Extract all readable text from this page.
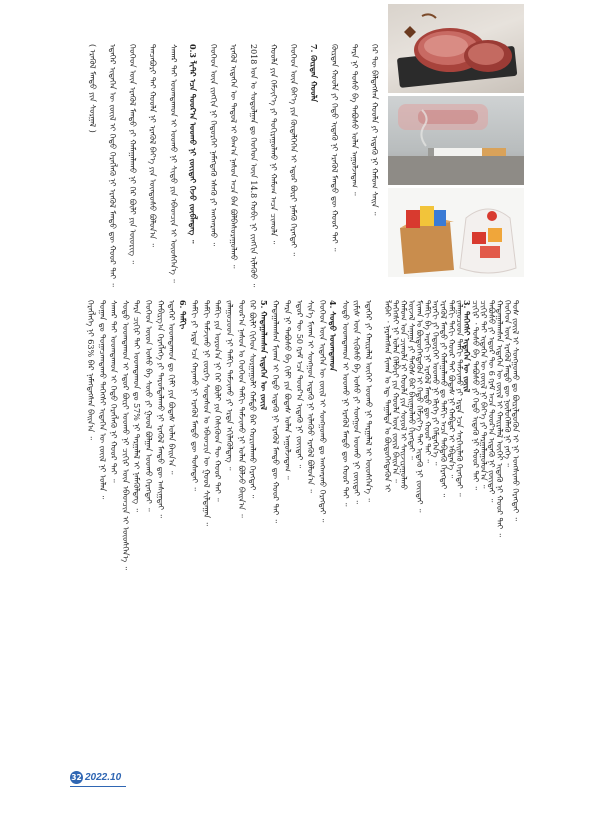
ᠯᠠᠪᠠᠢ ᠂ ᠨᠡᠷᠡᠯᠡᠭᠰᠡᠨ ᠮᠢᠬᠠᠨ ᠤ ᠡᠳ᠋ ᠳᠠᠭᠠᠯᠳᠠ ᠤ ᠪᠦᠲᠦᠭᠡᠭᠳᠡᠬᠦᠨ ᠢ ᠳᠡᠭᠡᠭᠰᠢ ᠨᠢ ᠣᠯᠠᠨ ᠬᠡᠯᠪᠡᠷᠢ ᠶᠢᠨ ᠬᠣᠣᠯᠠ ᠦᠨ ᠵᠦᠢᠯ ᠪᠠᠢᠨ᠎ᠠ ᠃ ᠬᠠᠮᠤᠭ ᠤᠨ ᠴᠢᠬᠤᠯᠠ ᠨᠢ ᠬᠣᠣᠯᠠ ᠶᠢᠨ ᠰᠣᠶᠣᠯ ᠢ ᠰᠠᠢᠵᠢᠷᠠᠭᠤᠯᠬᠤ ᠦᠵᠡᠯ ᠰᠠᠨᠠᠭᠠ ᠶᠢ ᠲᠡᠭᠦᠰ ᠪᠡᠷ ᠪᠠᠢᠭᠤᠯᠬᠤ ᠬᠡᠷᠡᠭᠲᠡᠢ ᠃ ᠮᠢᠬᠠᠨ ᠤ ᠪᠦᠲᠦᠭᠡᠭᠳᠡᠬᠦᠨ ᠢ ᠬᠡᠳᠦ ᠬᠡᠮᠵᠢᠶ᠎ᠡ ᠲᠠᠢ ᠢᠳᠡᠬᠦ ᠨᠢ ᠵᠦᠢᠲᠡᠢ ᠃ ᠳᠠᠮᠬᠢ ᠪᠠ ᠠᠷᠠᠬᠢ ᠨᠢ ᠡᠷᠡᠭᠦᠯ ᠮᠡᠨᠳᠦ ᠳᠦ ᠬᠣᠣᠷ ᠲᠠᠢ ᠃ ᠠᠷᠠᠬᠢ ᠶᠢ ᠬᠡᠲᠦᠷᠬᠡᠢ ᠤᠤᠬᠤ ᠨᠢ ᠡᠯᠢᠭᠡ ᠶᠢ ᠭᠡᠮᠲᠡᠭᠡᠨ᠎ᠡ ᠃ ᠡᠷᠡᠭᠦᠯ ᠮᠡᠨᠳᠦ ᠶᠢ ᠬᠠᠮᠠᠭᠠᠯᠠᠬᠤ ᠳᠤ ᠳᠠᠮᠬᠢ ᠠᠴᠠ ᠳᠡᠪᠳᠡᠬᠦ ᠬᠡᠷᠡᠭᠲᠡᠢ ᠃ ᠳᠠᠮᠬᠢ ᠳᠠᠬᠢ ᠬᠣᠣᠷ ᠲᠠᠢ ᠪᠣᠳᠠᠰ ᠨᠢ ᠬᠠᠪᠳᠠᠷ ᠢ ᠡᠪᠳᠡᠨ᠎ᠡ ᠃ ᠵᠠᠯᠠᠭᠤᠴᠤᠳ ᠲᠠᠮᠬᠢ ᠳᠠᠮᠵᠢᠬᠤ ᠶᠢ ᠡᠷᠲᠡ ᠡᠴᠡ ᠰᠡᠷᠭᠡᠢᠯᠡᠬᠦ ᠬᠡᠷᠡᠭᠲᠡᠢ ᠃
3. ᠳᠡᠭᠡᠭᠰᠢ ᠢᠳᠡᠭᠡᠨ ᠦ ᠵᠦᠢᠯ ᠴᠢᠬᠢᠷ ᠂ ᠳᠤᠰᠤ ᠪᠠ ᠳᠠᠪᠤᠰᠤ ᠶᠢ ᠬᠡᠳᠦ ᠢᠳᠡᠬᠦ ᠨᠢ ᠬᠣᠣᠷ ᠲᠠᠢ ᠃ ᠴᠢᠬᠢᠷ ᠲᠠᠢ ᠢᠳᠡᠭᠡᠨ ᠦ ᠵᠦᠢᠯ ᠨᠢ ᠪᠡᠶ᠎ᠡ ᠶᠢ ᠲᠠᠷᠭᠠᠯᠠᠭᠤᠯᠤᠨ᠎ᠠ ᠃ ᠳᠠᠪᠤᠰᠤ ᠶᠢ ᠡᠳᠦᠷ ᠲᠦ 6 ᠭᠷᠠᠮ ᠠᠴᠠ ᠳᠣᠣᠷ᠎ᠠ ᠢᠳᠡᠬᠦ ᠨᠢ ᠵᠦᠢᠲᠡᠢ ᠃ ᠬᠠᠳᠠᠭᠠᠯᠠᠭᠰᠠᠨ ᠢᠳᠡᠭᠡᠨ ᠦ ᠵᠦᠢᠯ ᠢ ᠬᠠᠢᠷᠠᠯᠠᠯ ᠦᠭᠡᠢ ᠢᠳᠡᠬᠦ ᠨᠢ ᠬᠣᠣᠷ ᠲᠠᠢ ᠃ ᠬᠡᠦᠬᠡᠳ ᠦᠨ ᠡᠷᠡᠭᠦᠯ ᠮᠡᠨᠳᠦ ᠳᠦ ᠨᠥᠯᠦᠭᠡᠯᠡᠬᠦ ᠨᠢ ᠶᠡᠬᠡ ᠃ ᠲᠤᠰ ᠵᠦᠢᠯ ᠢ ᠰᠣᠩᠭᠣᠬᠤ ᠳᠤ ᠪᠦᠷᠢᠯᠳᠦᠬᠦᠨ ᠢ ᠨᠢ ᠤᠩᠰᠢᠬᠤ ᠬᠡᠷᠡᠭᠲᠡᠢ ᠃
ᠬᠡᠷᠡᠭᠯᠡᠭᠡ ᠨᠢ 63% ᠪᠡᠷ ᠨᠡᠮᠡᠭᠳᠡᠭᠰᠡᠨ ᠪᠠᠢᠨ᠎ᠠ ᠃ ᠲᠣᠭᠠᠨ ᠳᠤ ᠲᠣᠭᠠᠴᠠᠭᠳᠠᠬᠤ ᠳᠡᠭᠡᠭᠰᠢ ᠢᠳᠡᠭᠡᠨ ᠦ ᠵᠦᠢᠯ ᠨᠢ ᠣᠯᠠᠨ ᠃ ᠰᠠᠬᠠᠷ ᠲᠠᠢ ᠤᠤᠭᠳᠠᠬᠤᠨ ᠢ ᠬᠡᠳᠦ ᠬᠡᠷᠡᠭᠯᠡᠬᠦ ᠨᠢ ᠬᠣᠣᠷ ᠲᠠᠢ ᠃ ᠰᠣᠳᠤ ᠤᠤᠭᠳᠠᠬᠤᠨ ᠢ ᠡᠳᠦᠷ ᠪᠦᠷᠢ ᠤᠤᠬᠤ ᠨᠢ ᠴᠢᠬᠢᠷ ᠦᠨ ᠡᠪᠡᠳᠴᠢᠨ ᠢ ᠦᠦᠰᠭᠡᠨ᠎ᠡ ᠃ ᠲᠡᠷᠡ ᠴᠢᠬᠢᠷ ᠲᠠᠢ ᠤᠤᠭᠳᠠᠬᠤᠨ ᠳᠤ 57% ᠨᠢ ᠲᠠᠷᠭᠠᠯᠠᠯ ᠢ ᠨᠡᠮᠡᠭᠦᠯᠳᠡᠭ ᠃ ᠬᠡᠦᠬᠡᠳ ᠦᠳ ᠤᠰᠤ ᠪᠠ ᠰᠦᠦ ᠶᠢ ᠭᠣᠣᠯ ᠪᠣᠯᠭᠠᠨ ᠤᠤᠬᠤ ᠬᠡᠷᠡᠭᠲᠡᠢ ᠃ ᠬᠠᠪᠢᠷᠭ᠎ᠠ ᠬᠡᠷᠡᠭᠯᠡᠭᠡ ᠶᠢ ᠳᠠᠷᠤᠮᠳᠠᠯᠠᠬᠤ ᠨᠢ ᠡᠷᠡᠭᠦᠯ ᠮᠡᠨᠳᠦ ᠳᠦ ᠠᠰᠢᠭ᠋ᠲᠠᠢ ᠃ ᠡᠳᠡᠭᠡᠷ ᠤᠤᠭᠳᠠᠬᠤᠨ ᠳᠤ ᠬᠢᠮᠢ ᠶᠢᠨ ᠪᠣᠳᠠᠰ ᠣᠯᠠᠨ ᠪᠠᠢᠨ᠎ᠠ ᠃ 6. ᠳᠠᠮᠬᠢ ᠳᠠᠮᠬᠢ ᠶᠢ ᠡᠷᠲᠡ ᠡᠴᠡ ᠬᠠᠶᠠᠬᠤ ᠨᠢ ᠡᠷᠡᠭᠦᠯ ᠮᠡᠨᠳᠦ ᠳᠦ ᠲᠤᠰᠠᠲᠠᠢ ᠃ ᠳᠠᠮᠬᠢ ᠳᠠᠮᠵᠢᠬᠤ ᠨᠢ ᠵᠦᠷᠬᠡ ᠰᠤᠳᠠᠰᠤᠨ ᠤ ᠡᠪᠡᠳᠴᠢᠨ ᠦ ᠭᠣᠣᠯ ᠰᠢᠯᠳᠠᠭᠠᠨ ᠃ ᠳᠠᠮᠬᠢ ᠶᠢᠨ ᠤᠷᠤᠨ᠎ᠠ ᠨᠢ ᠭᠡᠷ ᠪᠦᠯᠢ ᠶᠢᠨ ᠭᠡᠰᠢᠭᠦᠳ ᠲᠦ ᠬᠣᠣᠷ ᠲᠠᠢ ᠃ ᠵᠠᠯᠠᠭᠤᠴᠤᠳ ᠨᠢ ᠳᠠᠮᠬᠢ ᠳᠠᠮᠵᠢᠬᠤ ᠶᠢ ᠡᠷᠲᠡ ᠡᠬᠢᠯᠡᠭᠦᠯᠳᠡᠭ ᠃ ᠳᠣᠣᠷ᠎ᠠ ᠨᠠᠰᠤᠨ ᠤ ᠬᠡᠦᠬᠡᠳ ᠳᠠᠮᠬᠢ ᠳᠠᠮᠵᠢᠬᠤ ᠨᠢ ᠣᠯᠠᠨ ᠪᠣᠯᠵᠤ ᠪᠠᠢᠨ᠎ᠠ ᠃ ᠭᠡᠷ ᠪᠦᠯᠢ ᠬᠢᠬᠡᠳ ᠰᠤᠷᠭᠠᠭᠤᠯᠢ ᠬᠠᠮᠲᠤ ᠪᠡᠷ ᠬᠣᠷᠢᠭᠯᠠᠬᠤ ᠬᠡᠷᠡᠭᠲᠡᠢ ᠃ 5. ᠬᠠᠳᠠᠭᠠᠯᠠᠭᠰᠠᠨ ᠢᠳᠡᠭᠡᠨ ᠦ ᠵᠦᠢᠯ ᠬᠠᠳᠠᠭᠠᠯᠠᠭᠰᠠᠨ ᠮᠢᠬᠠᠨ ᠢ ᠬᠡᠳᠦ ᠢᠳᠡᠬᠦ ᠨᠢ ᠡᠷᠡᠭᠦᠯ ᠮᠡᠨᠳᠦ ᠳᠦ ᠬᠣᠣᠷ ᠲᠠᠢ ᠃ ᠲᠡᠷᠡ ᠨᠢ ᠳᠠᠪᠤᠰᠤ ᠪᠠ ᠬᠢᠮᠢ ᠶᠢᠨ ᠪᠣᠳᠠᠰ ᠣᠯᠠᠨ ᠠᠭᠤᠯᠵᠠᠳᠠᠭ ᠃ ᠡᠳᠦᠷ ᠲᠦ 50 ᠭᠷᠠᠮ ᠡᠴᠡ ᠳᠣᠣᠷ᠎ᠠ ᠢᠳᠡᠬᠦ ᠨᠢ ᠵᠦᠢᠲᠡᠢ ᠃ ᠰᠢᠨ᠎ᠡ ᠮᠢᠬᠠᠨ ᠢ ᠰᠣᠩᠭᠣᠨ ᠢᠳᠡᠬᠦ ᠨᠢ ᠢᠯᠡᠭᠦᠦ ᠡᠷᠡᠭᠦᠯ ᠪᠣᠯᠤᠨ᠎ᠠ ᠃ ᠬᠡᠦᠬᠡᠳ ᠦᠨ ᠢᠳᠡᠭᠡᠨ ᠦ ᠵᠦᠢᠯ ᠢ ᠰᠣᠩᠭᠣᠬᠤ ᠳᠤ ᠠᠩᠬᠠᠷᠬᠤ ᠬᠡᠷᠡᠭᠲᠡᠢ ᠃ 4. ᠰᠣᠳᠤ ᠤᠤᠭᠳᠠᠬᠤᠨ ᠰᠣᠳᠤ ᠤᠤᠭᠳᠠᠬᠤᠨ ᠢ ᠤᠤᠬᠤ ᠨᠢ ᠡᠷᠡᠭᠦᠯ ᠮᠡᠨᠳᠦ ᠳᠦ ᠬᠣᠣᠷ ᠲᠠᠢ ᠃ ᠵᠢᠮᠢᠰ ᠦᠨ ᠰᠢᠭᠦᠰᠦ ᠪᠠ ᠤᠰᠤ ᠶᠢ ᠰᠣᠩᠭᠣᠨ ᠤᠤᠬᠤ ᠨᠢ ᠵᠦᠢᠲᠡᠢ ᠃ ᠡᠳᠡᠭᠡᠷ ᠶᠢ ᠬᠠᠢᠷᠠᠯᠠᠯ ᠦᠭᠡᠢ ᠤᠤᠬᠤ ᠨᠢ ᠲᠠᠷᠭᠠᠯᠠᠯ ᠢ ᠦᠦᠰᠭᠡᠨ᠎ᠡ ᠃
( ᠡᠷᠡᠭᠦᠯ ᠮᠡᠨᠳᠦ ᠶᠢᠨ ᠰᠤᠷᠭᠠᠯ ) ᠡᠳᠡᠭᠡᠷ ᠢᠳᠡᠭᠡᠨ ᠦ ᠵᠦᠢᠯ ᠢ ᠬᠡᠳᠦ ᠬᠡᠷᠡᠭᠯᠡᠬᠦ ᠨᠢ ᠡᠷᠡᠭᠦᠯ ᠮᠡᠨᠳᠦ ᠳᠦ ᠬᠣᠣᠷ ᠲᠠᠢ ᠃ ᠬᠡᠦᠬᠡᠳ ᠦᠨ ᠡᠷᠡᠭᠦᠯ ᠮᠡᠨᠳᠦ ᠶᠢ ᠬᠠᠮᠠᠭᠠᠯᠠᠬᠤ ᠨᠢ ᠭᠡᠷ ᠪᠦᠯᠢ ᠶᠢᠨ ᠦᠦᠷᠢᠭ ᠃ ᠲᠡᠨᠴᠡᠪᠦᠷᠢ ᠲᠠᠢ ᠬᠣᠣᠯᠠ ᠨᠢ ᠡᠷᠡᠭᠦᠯ ᠪᠡᠶ᠎ᠡ ᠶᠢᠨ ᠦᠨᠳᠦᠰᠦ ᠪᠣᠯᠤᠨ᠎ᠠ ᠃ ᠰᠠᠬᠠᠷ ᠲᠠᠢ ᠤᠤᠭᠳᠠᠬᠤᠨ ᠢ ᠤᠤᠬᠤ ᠨᠢ ᠰᠢᠳᠦ ᠶᠢᠨ ᠡᠪᠡᠳᠴᠢᠨ ᠢ ᠦᠦᠰᠭᠡᠨ᠎ᠡ ᠃ 0.3 ᠯᠢᠲᠷ ᠡᠴᠡ ᠳᠣᠣᠷ᠎ᠠ ᠤᠤᠬᠤ ᠨᠢ ᠵᠦᠢᠲᠡᠢ ᠭᠡᠵᠦ ᠵᠥᠪᠯᠡᠳᠡᠭ ᠃ ᠬᠡᠦᠬᠡᠳ ᠦᠨ ᠵᠢᠩᠭᠢᠨ ᠨᠢ ᠬᠡᠲᠦᠷᠬᠡᠢ ᠨᠡᠮᠡᠭᠳᠡᠬᠦ ᠡᠰᠡᠬᠦ ᠶᠢ ᠠᠩᠬᠠᠷᠬᠤ ᠃ ᠡᠷᠡᠭᠦᠯ ᠢᠳᠡᠭᠡᠨ ᠦ ᠳᠠᠳᠤᠯ ᠢ ᠪᠠᠭ᠎ᠠ ᠨᠠᠰᠤᠨ ᠠᠴᠠ ᠪᠡᠨ ᠪᠣᠯᠪᠠᠰᠤᠷᠠᠭᠤᠯᠬᠤ ᠃ 2018 ᠣᠨ ᠤ ᠰᠤᠳᠤᠯᠭᠠᠨ ᠳᠤ ᠬᠡᠦᠬᠡᠳ ᠦᠨ 14.8 ᠬᠤᠪᠢ ᠨᠢ ᠵᠢᠩᠭᠢᠨ ᠢᠯᠡᠭᠦᠦ ᠃ ᠬᠣᠣᠯᠠ ᠶᠢᠨ ᠬᠡᠮᠵᠢᠶ᠎ᠡ ᠶᠢ ᠲᠣᠬᠢᠷᠠᠭᠤᠯᠬᠤ ᠨᠢ ᠬᠠᠮᠤᠭ ᠠᠴᠠ ᠴᠢᠬᠤᠯᠠ ᠃ ᠬᠡᠦᠬᠡᠳ ᠦᠨ ᠪᠡᠶ᠎ᠡ ᠶᠢᠨ ᠬᠦᠳᠡᠯᠭᠡᠭᠡᠨ ᠢ ᠡᠳᠦᠷ ᠪᠦᠷᠢ ᠨᠡᠮᠡᠬᠦ ᠬᠡᠷᠡᠭᠲᠡᠢ ᠃ 7. ᠬᠦᠷᠳᠡᠨ ᠬᠣᠣᠯᠠ ᠬᠦᠷᠳᠡᠨ ᠬᠣᠣᠯᠠ ᠶᠢ ᠬᠡᠳᠦ ᠢᠳᠡᠬᠦ ᠨᠢ ᠡᠷᠡᠭᠦᠯ ᠮᠡᠨᠳᠦ ᠳᠦ ᠬᠣᠣᠷ ᠲᠠᠢ ᠃ ᠲᠡᠷᠡ ᠨᠢ ᠲᠣᠰᠣ ᠪᠠ ᠳᠠᠪᠤᠰᠤ ᠣᠯᠠᠨ ᠠᠭᠤᠯᠵᠠᠳᠠᠭ ᠃ ᠭᠡᠷ ᠲᠦ ᠪᠡᠯᠳᠡᠭᠰᠡᠨ ᠬᠣᠣᠯᠠ ᠶᠢ ᠢᠳᠡᠬᠦ ᠨᠢ ᠬᠠᠮᠤᠭ ᠰᠠᠢᠨ ᠃
32 2022.10
